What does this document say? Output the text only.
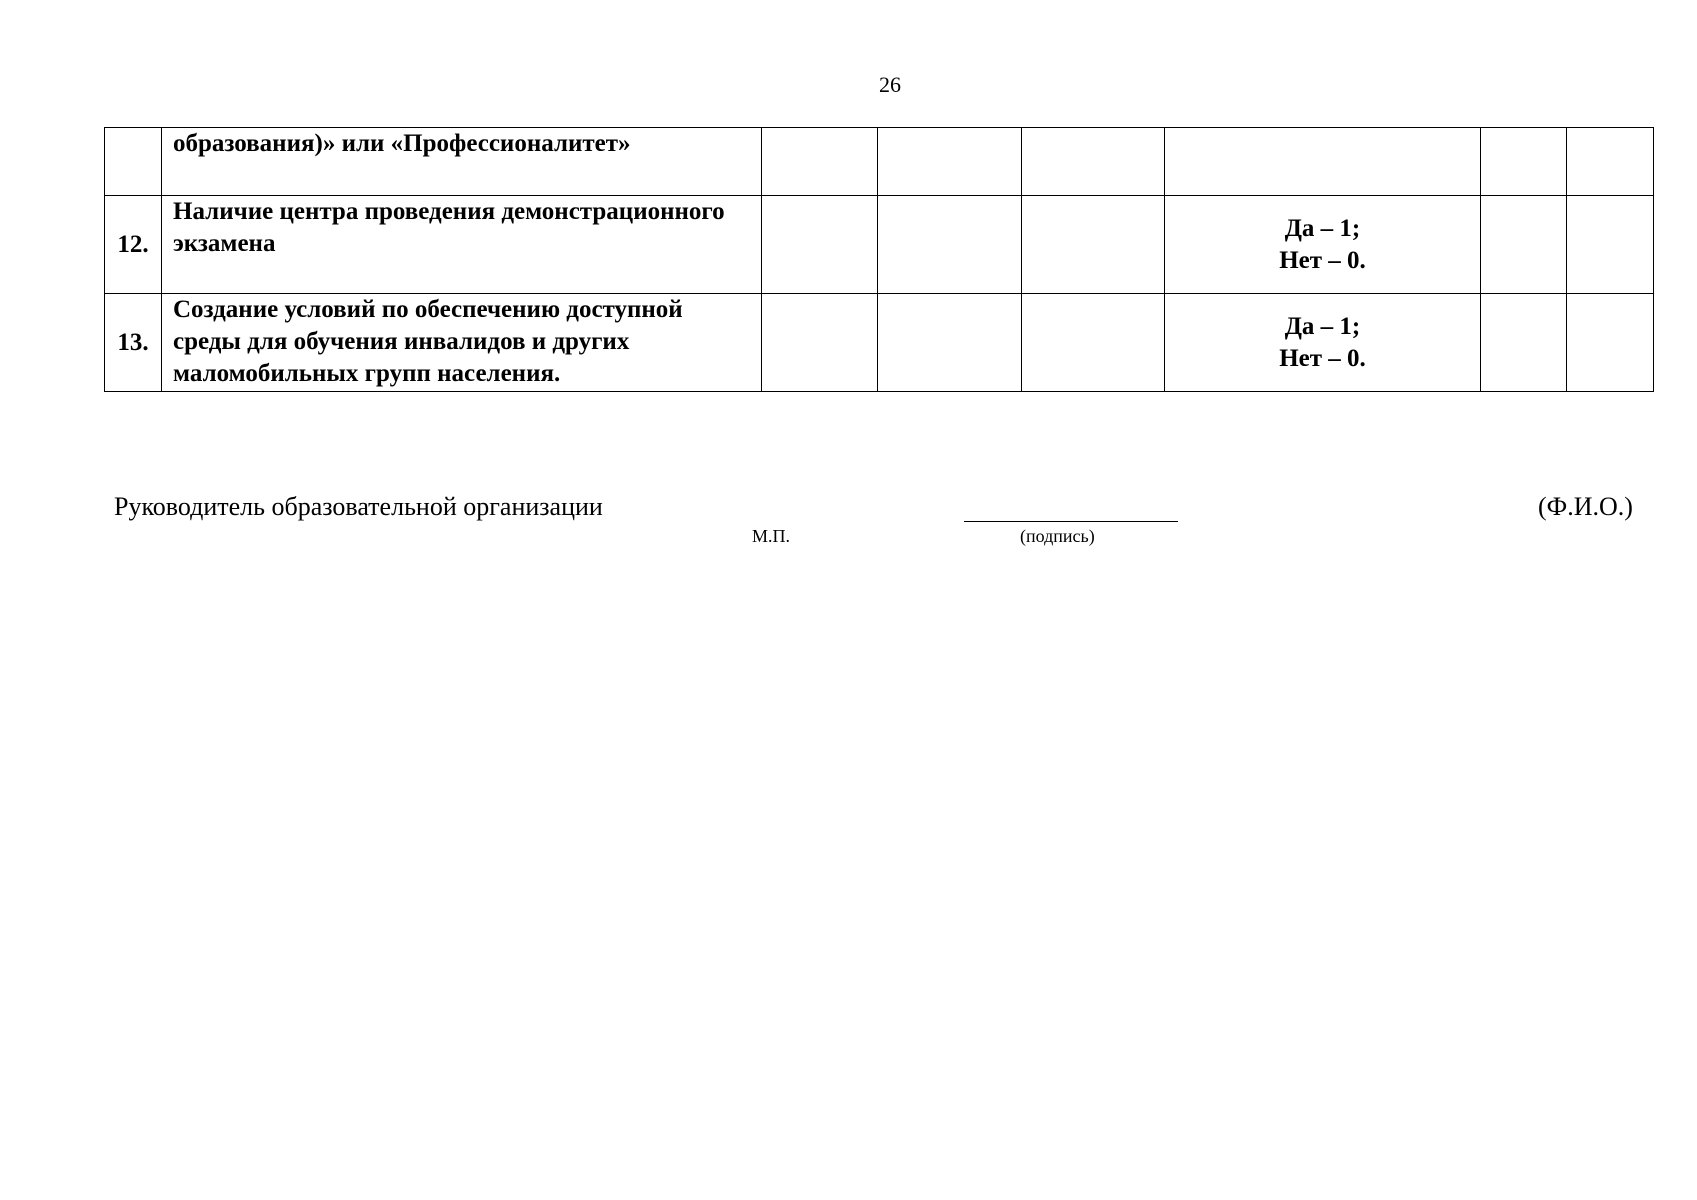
26
	образования)» или «Профессионалитет»						
12.	Наличие центра проведения демонстрационного экзамена				Да – 1;
Нет – 0.		

13.	Создание условий по обеспечению доступной среды для обучения инвалидов и других маломобильных групп населения.				Да – 1;
Нет – 0.		

Руководитель образовательной организации
М.П.	(подпись)
(Ф.И.О.)
